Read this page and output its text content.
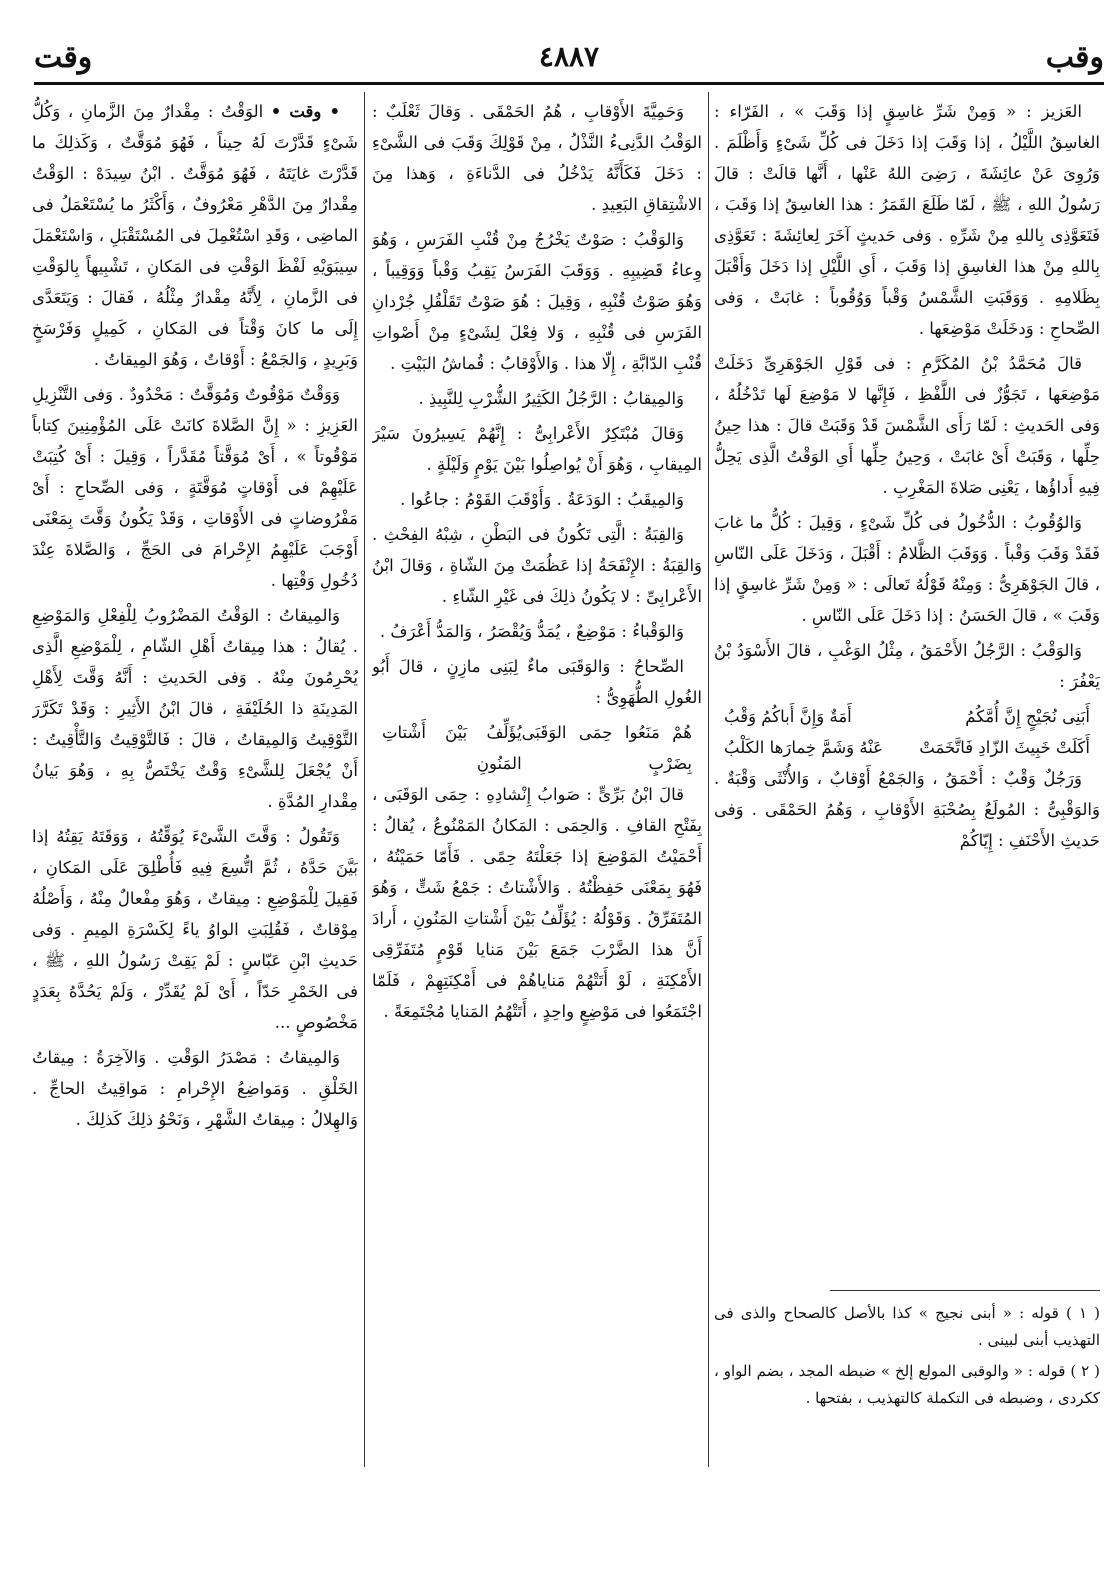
وقت	٤٨٨٧	وقب

العَزيز : « وَمِنْ شَرِّ غاسِقٍ إذا وَقَبَ » ، الفَرّاء : الغاسِقُ اللَّيْلُ ، إذا وَقَبَ إذا دَخَلَ فى كُلِّ شَىْءٍ وَأَظْلَمَ . وَرُوِىَ عَنْ عائِشَةَ ، رَضِىَ اللهُ عَنْها ، أَنَّها قالَتْ : قالَ رَسُولُ اللهِ ، ﷺ ، لَمّا طَلَعَ القَمَرُ : هذا الغاسِقُ إذا وَقَبَ ، فَتَعَوَّذِى بِاللهِ مِنْ شَرِّهِ . وَفى حَديثٍ آخَرَ لِعائِشَةَ : تَعَوَّذِى بِاللهِ مِنْ هذا الغاسِقِ إذا وَقَبَ ، أَىِ اللَّيْلِ إذا دَخَلَ وَأَقْبَلَ بِظَلامِهِ . وَوَقَبَتِ الشَّمْسُ وَقْباً وَوُقُوباً : غابَتْ ، وَفى الصِّحاحِ : وَدخَلَتْ مَوْضِعَها .

قالَ مُحَمَّدُ بْنُ المُكَرَّمِ : فى قَوْلِ الجَوْهَرِىِّ دَخَلَتْ مَوْضِعَها ، تَجَوُّزٌ فى اللَّفْظِ ، فَإِنَّها لا مَوْضِعَ لَها تَدْخُلُهُ ، وَفى الحَديثِ : لَمّا رَأَى الشَّمْسَ قَدْ وَقَبَتْ قالَ : هذا حِينُ حِلِّها ، وَقَبَتْ أَىْ غابَتْ ، وَحِينُ حِلِّها أَىِ الوَقْتُ الَّذِى يَحِلُّ فِيهِ أَداؤُها ، يَعْنِى صَلاةَ المَغْرِبِ .

وَالوُقُوبُ : الدُّخُولُ فى كُلِّ شَىْءٍ ، وَقِيلَ : كُلُّ ما غابَ فَقَدْ وَقَبَ وَقْباً . وَوَقَبَ الظَّلامُ : أَقْبَلَ ، وَدَخَلَ عَلَى النّاسِ ، قالَ الجَوْهَرِىُّ : وَمِنْهُ قَوْلُهُ تَعالَى : « وَمِنْ شَرِّ غاسِقٍ إذا وَقَبَ » ، قالَ الحَسَنُ : إذا دَخَلَ عَلَى النّاسِ .

وَالوَقْبُ : الرَّجُلُ الأَحْمَقُ ، مِثْلُ الوَغْبِ ، قالَ الأَسْوَدُ بْنُ يَعْفُرَ :

أَبَنِى نُجَيْجٍ إِنَّ أُمَّكُمُ
أَمَةٌ وَإِنَّ أَباكُمُ وَقْبُ
أَكَلَتْ خَبِيثَ الزّادِ فَاتَّخَمَتْ
عَنْهُ وَشَمَّ خِمارَها الكَلْبُ

وَرَجُلٌ وَقْبٌ : أَحْمَقُ ، وَالجَمْعُ أَوْقابٌ ، وَالأُنْثَى وَقْبَةٌ . وَالوَقْبِىُّ : المُولَعُ بِصُحْبَةِ الأَوْقابِ ، وَهُمُ الحَمْقَى . وَفى حَديثِ الأَحْنَفِ : إِيّاكُمْ

( ١ ) قوله : « أبنى نجيج » كذا بالأصل كالصحاح والذى فى التهذيب أبنى لبينى .

( ٢ ) قوله : « والوقبى المولع إلخ » ضبطه المجد ، بضم الواو ، ككردى ، وضبطه فى التكملة كالتهذيب ، بفتحها .

وَحَمِيَّةَ الأَوْقابِ ، هُمُ الحَمْقَى . وَقالَ ثَعْلَبٌ : الوَقْبُ الدَّنِىءُ النَّذْلُ ، مِنْ قَوْلِكَ وَقَبَ فى الشَّىْءِ : دَخَلَ فَكَأَنَّهُ يَدْخُلُ فى الدَّناءَةِ ، وَهذا مِنَ الاشْتِقاقِ البَعِيدِ .

وَالوَقْبُ : صَوْتٌ يَخْرُجُ مِنْ قُنْبِ الفَرَسِ ، وَهُوَ وِعاءُ قَضِيبِهِ . وَوَقَبَ الفَرَسُ يَقِبُ وَقْباً وَوَقِيباً ، وَهُوَ صَوْتُ قُنْبِهِ ، وَقِيلَ : هُوَ صَوْتُ تَقَلْقُلِ جُرْدانِ الفَرَسِ فى قُنْبِهِ ، وَلا فِعْلَ لِشَىْءٍ مِنْ أَصْواتِ قُنْبِ الدّابَّةِ ، إِلّا هذا . وَالأَوْقابُ : قُماشُ البَيْتِ .

وَالمِيقابُ : الرَّجُلُ الكَثِيرُ الشُّرْبِ لِلنَّبِيذِ .

وَقالَ مُبْتَكِرٌ الأَعْرابِىُّ : إِنَّهُمْ يَسِيرُونَ سَيْرَ المِيقابِ ، وَهُوَ أَنْ يُواصِلُوا بَيْنَ يَوْمٍ وَلَيْلَةٍ .

وَالمِيقَبُ : الوَدَعَةُ . وَأَوْقَبَ القَوْمُ : جاعُوا .

وَالقِبَةُ : الَّتِى تَكُونُ فى البَطْنِ ، شِبْهُ الفِحْثِ . وَالقِبَةُ : الإِنْفَحَةُ إذا عَظُمَتْ مِنَ الشّاةِ ، وَقالَ ابْنُ الأَعْرابِىِّ : لا يَكُونُ ذلِكَ فى غَيْرِ الشّاءِ .

وَالوَقْباءُ : مَوْضِعٌ ، يُمَدُّ وَيُقْصَرُ ، وَالمَدُّ أَعْرَفُ .

الصِّحاحُ : وَالوَقَبَى ماءٌ لِبَنِى مازِنٍ ، قالَ أَبُو الغُولِ الطُّهَوِىُّ :

هُمْ مَنَعُوا حِمَى الوَقَبَى بِضَرْبٍ
يُؤَلِّفُ بَيْنَ أَشْتاتِ المَنُونِ

قالَ ابْنُ بَرِّىٍّ : صَوابُ إِنْشادِهِ : حِمَى الوَقَبَى ، بِفَتْحِ القافِ . وَالحِمَى : المَكانُ المَمْنُوعُ ، يُقالُ : أَحْمَيْتُ المَوْضِعَ إذا جَعَلْتَهُ حِمًى . فَأَمّا حَمَيْتُهُ ، فَهُوَ بِمَعْنَى حَفِظْتُهُ . وَالأَشْتاتُ : جَمْعُ شَتٍّ ، وَهُوَ المُتَفَرِّقُ . وَقَوْلُهُ : يُؤَلِّفُ بَيْنَ أَشْتاتِ المَنُونِ ، أَرادَ أَنَّ هذا الضَّرْبَ جَمَعَ بَيْنَ مَنايا قَوْمٍ مُتَفَرِّقِى الأَمْكِنَةِ ، لَوْ أَتَتْهُمْ مَناياهُمْ فى أَمْكِنَتِهِمْ ، فَلَمّا اجْتَمَعُوا فى مَوْضِعٍ واحِدٍ ، أَتَتْهُمُ المَنايا مُجْتَمِعَةً .

• وقت • الوَقْتُ : مِقْدارٌ مِنَ الزَّمانِ ، وَكُلُّ شَىْءٍ قَدَّرْتَ لَهُ حِيناً ، فَهُوَ مُوَقَّتٌ ، وَكَذلِكَ ما قَدَّرْتَ غايَتَهُ ، فَهُوَ مُوَقَّتٌ . ابْنُ سِيدَهْ : الوَقْتُ مِقْدارٌ مِنَ الدَّهْرِ مَعْرُوفٌ ، وَأَكْثَرُ ما يُسْتَعْمَلُ فى الماضِى ، وَقَدِ اسْتُعْمِلَ فى المُسْتَقْبَلِ ، وَاسْتَعْمَلَ سِيبَوَيْهِ لَفْظَ الوَقْتِ فى المَكانِ ، تَشْبِيهاً بِالوَقْتِ فى الزَّمانِ ، لِأَنَّهُ مِقْدارٌ مِثْلُهُ ، فَقالَ : وَيَتَعَدَّى إِلَى ما كانَ وَقْتاً فى المَكانِ ، كَمِيلٍ وَفَرْسَخٍ وَبَرِيدٍ ، وَالجَمْعُ : أَوْقاتٌ ، وَهُوَ المِيقاتُ .

وَوَقْتٌ مَوْقُوتٌ وَمُوَقَّتٌ : مَحْدُودٌ . وَفى التَّنْزِيلِ العَزِيزِ : « إِنَّ الصَّلاةَ كانَتْ عَلَى المُؤْمِنِينَ كِتاباً مَوْقُوتاً » ، أَىْ مُوَقَّتاً مُقَدَّراً ، وَقِيلَ : أَىْ كُتِبَتْ عَلَيْهِمْ فى أَوْقاتٍ مُوَقَّتَةٍ ، وَفى الصِّحاحِ : أَىْ مَفْرُوضاتٍ فى الأَوْقاتِ ، وَقَدْ يَكُونُ وَقَّتَ بِمَعْنَى أَوْجَبَ عَلَيْهِمُ الإِحْرامَ فى الحَجِّ ، وَالصَّلاةَ عِنْدَ دُخُولِ وَقْتِها .

وَالمِيقاتُ : الوَقْتُ المَضْرُوبُ لِلْفِعْلِ وَالمَوْضِعِ . يُقالُ : هذا مِيقاتُ أَهْلِ الشّامِ ، لِلْمَوْضِعِ الَّذِى يُحْرِمُونَ مِنْهُ . وَفى الحَديثِ : أَنَّهُ وَقَّتَ لِأَهْلِ المَدِينَةِ ذا الحُلَيْفَةِ ، قالَ ابْنُ الأَثِيرِ : وَقَدْ تَكَرَّرَ التَّوْقِيتُ وَالمِيقاتُ ، قالَ : فَالتَّوْقِيتُ وَالتَّأْقِيتُ : أَنْ يُجْعَلَ لِلشَّىْءِ وَقْتٌ يَخْتَصُّ بِهِ ، وَهُوَ بَيانُ مِقْدارِ المُدَّةِ .

وَتَقُولُ : وَقَّتَ الشَّىْءَ يُوَقِّتُهُ ، وَوَقَتَهُ يَقِتُهُ إذا بَيَّنَ حَدَّهُ ، ثُمَّ اتُّسِعَ فِيهِ فَأُطْلِقَ عَلَى المَكانِ ، فَقِيلَ لِلْمَوْضِعِ : مِيقاتٌ ، وَهُوَ مِفْعالٌ مِنْهُ ، وَأَصْلُهُ مِوْقاتٌ ، فَقُلِبَتِ الواوُ ياءً لِكَسْرَةِ المِيمِ . وَفى حَديثِ ابْنِ عَبّاسٍ : لَمْ يَقِتْ رَسُولُ اللهِ ، ﷺ ، فى الخَمْرِ حَدّاً ، أَىْ لَمْ يُقَدِّرْ ، وَلَمْ يَحُدَّهُ بِعَدَدٍ مَخْصُوصٍ ...

وَالمِيقاتُ : مَصْدَرُ الوَقْتِ . وَالآخِرَةُ : مِيقاتُ الخَلْقِ . وَمَواضِعُ الإِحْرامِ : مَواقِيتُ الحاجِّ . وَالهِلالُ : مِيقاتُ الشَّهْرِ ، وَنَحْوُ ذلِكَ كَذلِكَ .
